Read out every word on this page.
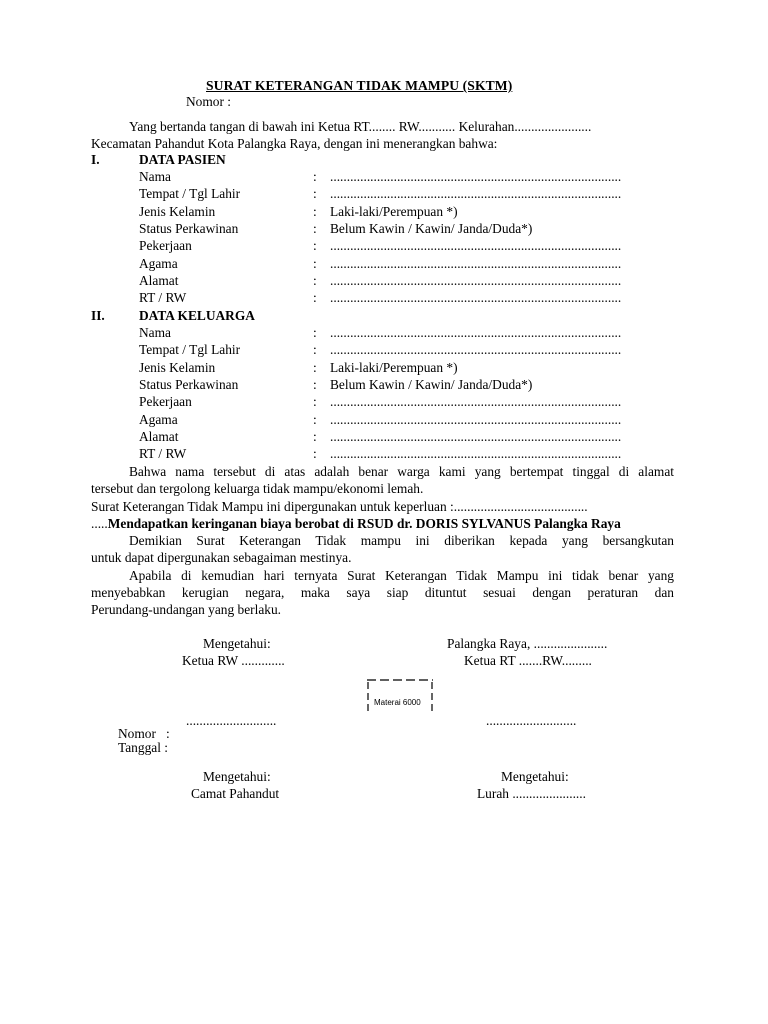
SURAT KETERANGAN TIDAK MAMPU (SKTM)
Nomor :
Yang bertanda tangan di bawah ini Ketua RT........ RW........... Kelurahan.......................
Kecamatan Pahandut Kota Palangka Raya, dengan ini menerangkan bahwa:
I.	DATA PASIEN
Nama	: .......................................................................................
Tempat / Tgl Lahir	: .......................................................................................
Jenis Kelamin	: Laki-laki/Perempuan *)
Status Perkawinan	: Belum Kawin / Kawin/ Janda/Duda*)
Pekerjaan	: .......................................................................................
Agama	: .......................................................................................
Alamat	: .......................................................................................
RT / RW	: .......................................................................................
II.	DATA KELUARGA
Nama	: .......................................................................................
Tempat / Tgl Lahir	: .......................................................................................
Jenis Kelamin	: Laki-laki/Perempuan *)
Status Perkawinan	: Belum Kawin / Kawin/ Janda/Duda*)
Pekerjaan	: .......................................................................................
Agama	: .......................................................................................
Alamat	: .......................................................................................
RT / RW	: .......................................................................................
Bahwa nama tersebut di atas adalah benar warga kami yang bertempat tinggal di alamat
tersebut dan tergolong keluarga tidak mampu/ekonomi lemah.
Surat Keterangan Tidak Mampu ini dipergunakan untuk keperluan :........................................
.....Mendapatkan keringanan biaya berobat di RSUD dr. DORIS SYLVANUS Palangka Raya
Demikian Surat Keterangan Tidak mampu ini diberikan kepada yang bersangkutan
untuk dapat dipergunakan sebagaiman mestinya.
Apabila di kemudian hari ternyata Surat Keterangan Tidak Mampu ini tidak benar yang
menyebabkan kerugian negara, maka saya siap dituntut sesuai dengan peraturan dan
Perundang-undangan yang berlaku.
Mengetahui:
Ketua RW .............
Palangka Raya, ......................
Ketua RT .......RW.........
Materai 6000
...........................	...........................
Nomor   :
Tanggal :
Mengetahui:
Camat Pahandut
Mengetahui:
Lurah ......................
